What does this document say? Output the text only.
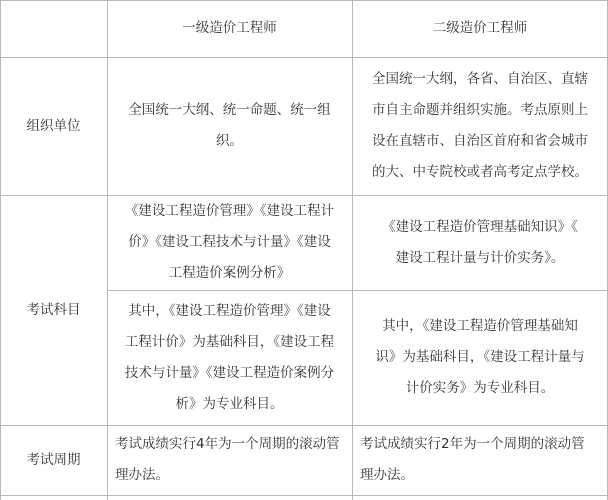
一级造价工程师	二级造价工程师
组织单位
全国统一大纲、统一命题、统一组
织。
全国统一大纲，各省、自治区、直辖
市自主命题并组织实施。考点原则上
设在直辖市、自治区首府和省会城市
的大、中专院校或者高考定点学校。
考试科目
《建设工程造价管理》《建设工程计
价》《建设工程技术与计量》《建设
工程造价案例分析》
《建设工程造价管理基础知识》《
建设工程计量与计价实务》。
其中，《建设工程造价管理》《建设
工程计价》为基础科目，《建设工程
技术与计量》《建设工程造价案例分
析》为专业科目。
其中，《建设工程造价管理基础知
识》为基础科目，《建设工程计量与
计价实务》为专业科目。
考试周期
考试成绩实行4年为一个周期的滚动管
理办法。
考试成绩实行2年为一个周期的滚动管
理办法。
